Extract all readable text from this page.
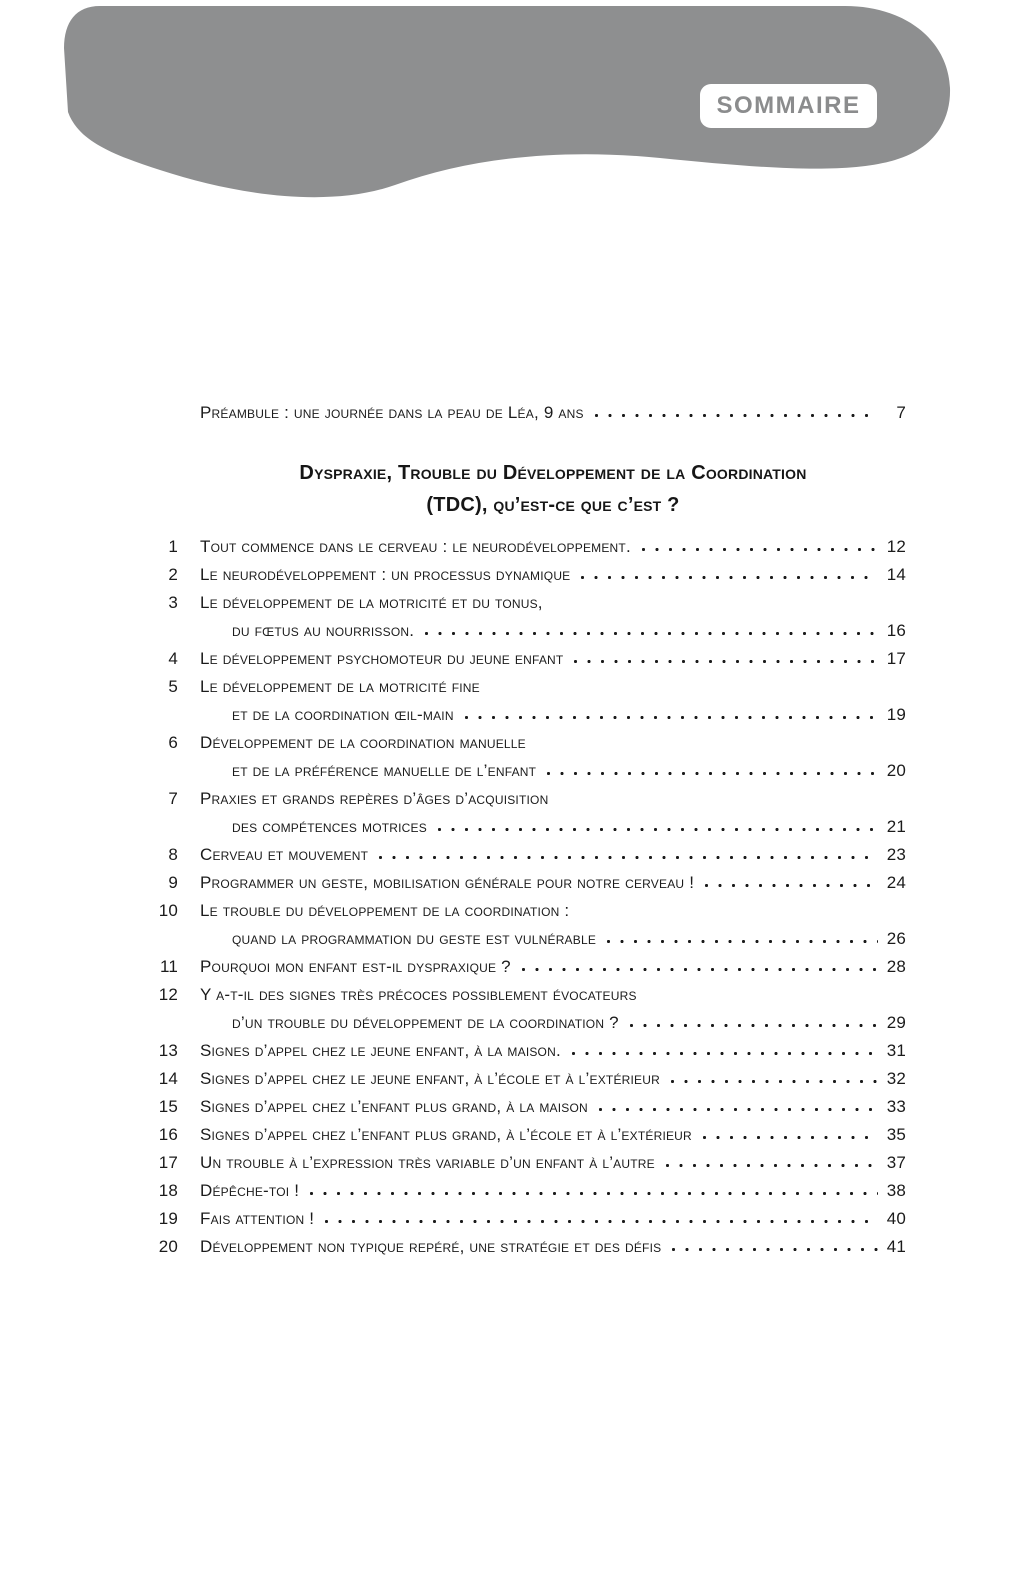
SOMMAIRE
Préambule : une journée dans la peau de Léa, 9 ans	7
Dyspraxie, Trouble du Développement de la Coordination
(TDC), qu’est-ce que c’est ?
1 Tout commence dans le cerveau : le neurodéveloppement.	12
2 Le neurodéveloppement : un processus dynamique	14
3 Le développement de la motricité et du tonus,
du fœtus au nourrisson.	16
4 Le développement psychomoteur du jeune enfant	17
5 Le développement de la motricité fine
et de la coordination œil-main	19
6 Développement de la coordination manuelle
et de la préférence manuelle de l’enfant	20
7 Praxies et grands repères d’âges d’acquisition
des compétences motrices	21
8 Cerveau et mouvement	23
9 Programmer un geste, mobilisation générale pour notre cerveau !	24
10 Le trouble du développement de la coordination :
quand la programmation du geste est vulnérable	26
11 Pourquoi mon enfant est-il dyspraxique ?	28
12 Y a-t-il des signes très précoces possiblement évocateurs
d’un trouble du développement de la coordination ?	29
13 Signes d’appel chez le jeune enfant, à la maison.	31
14 Signes d’appel chez le jeune enfant, à l’école et à l’extérieur	32
15 Signes d’appel chez l’enfant plus grand, à la maison	33
16 Signes d’appel chez l’enfant plus grand, à l’école et à l’extérieur	35
17 Un trouble à l’expression très variable d’un enfant à l’autre	37
18 Dépêche-toi !	38
19 Fais attention !	40
20 Développement non typique repéré, une stratégie et des défis	41
